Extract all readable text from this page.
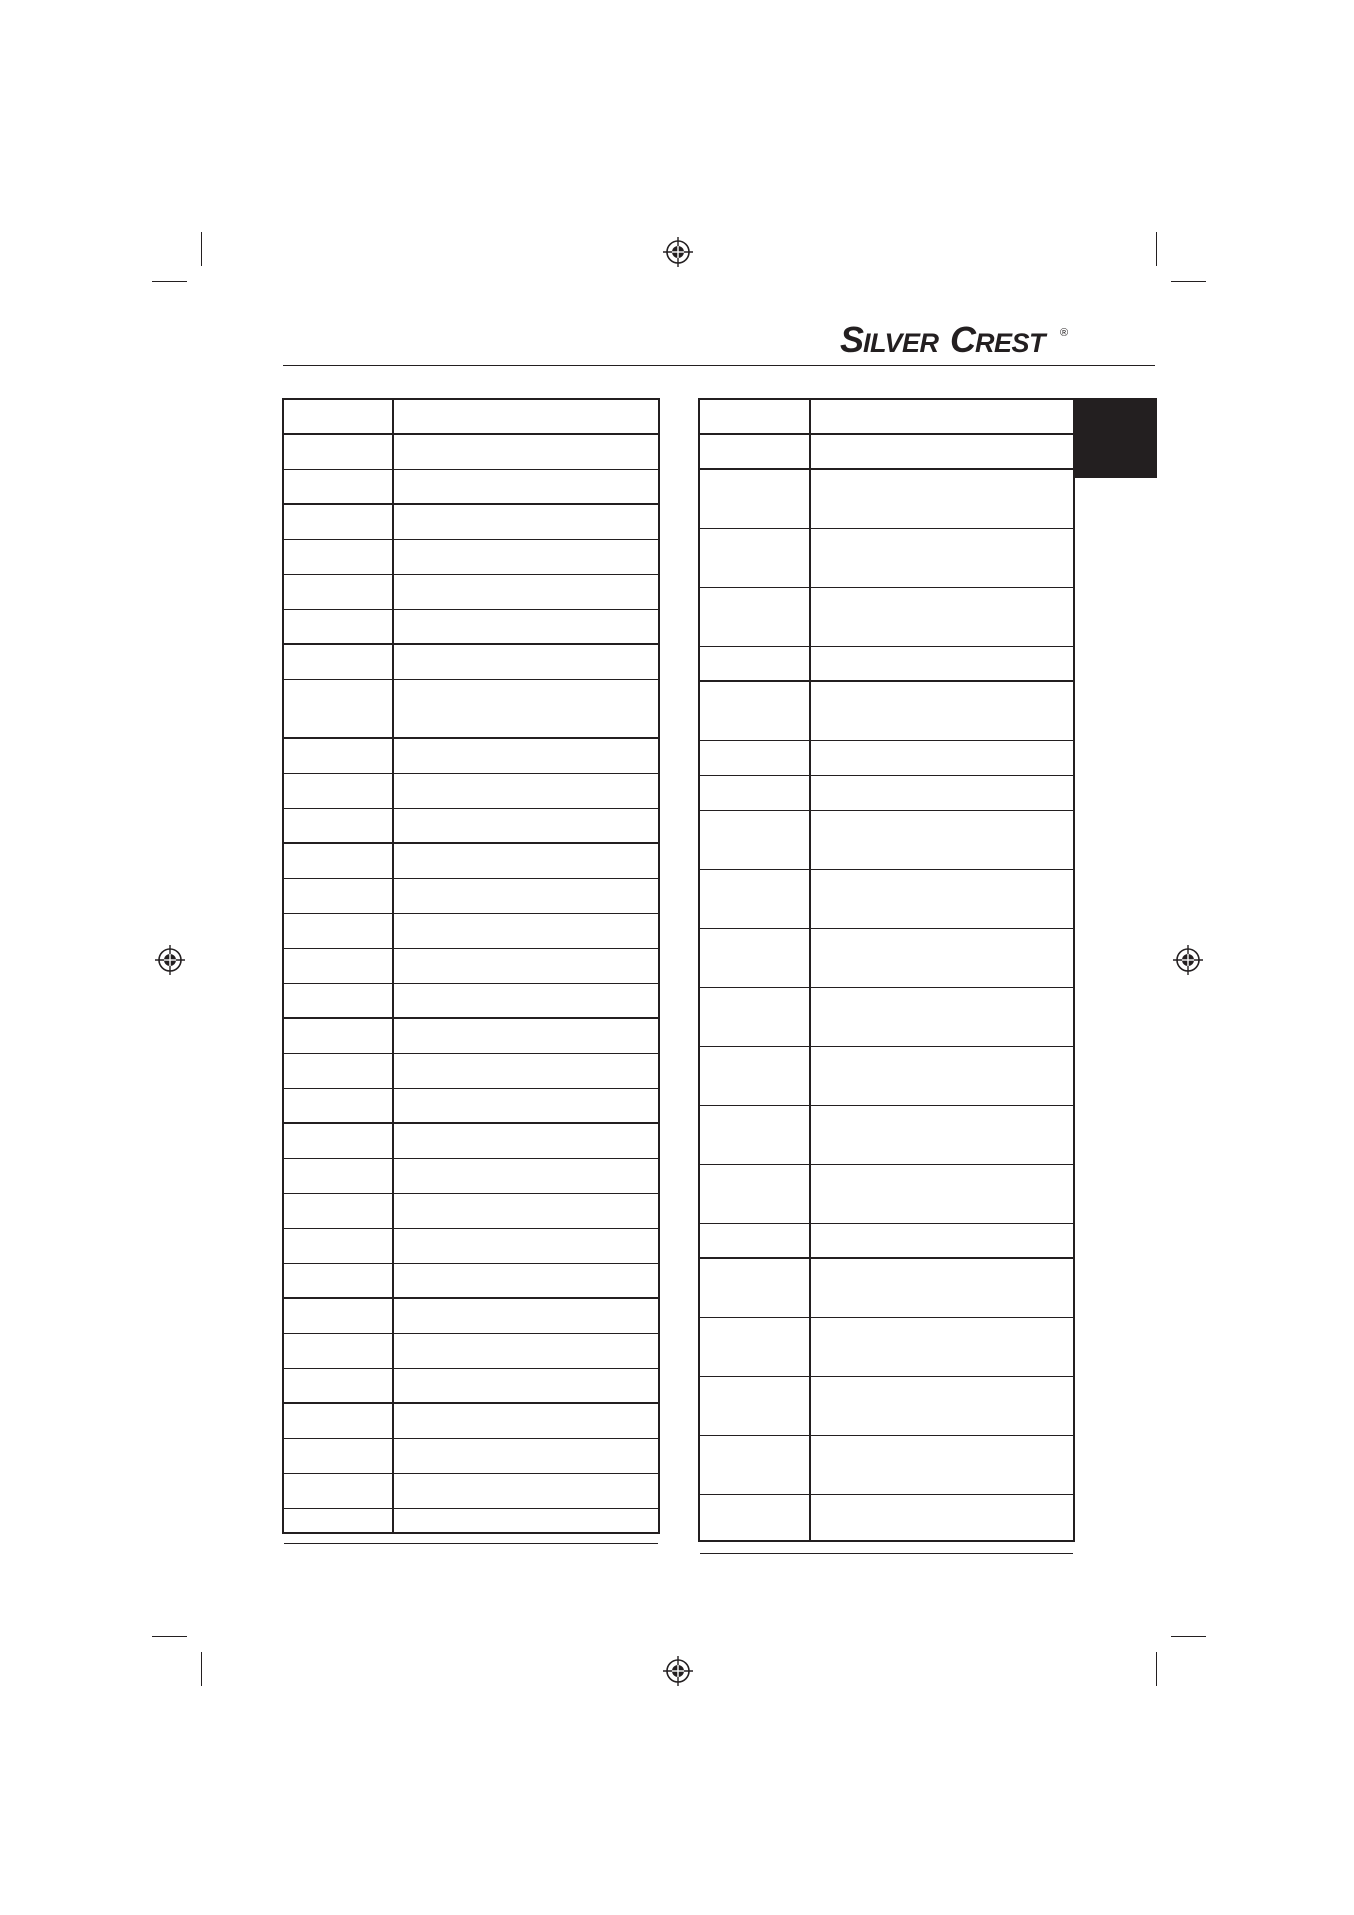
S ILVER C REST ®
